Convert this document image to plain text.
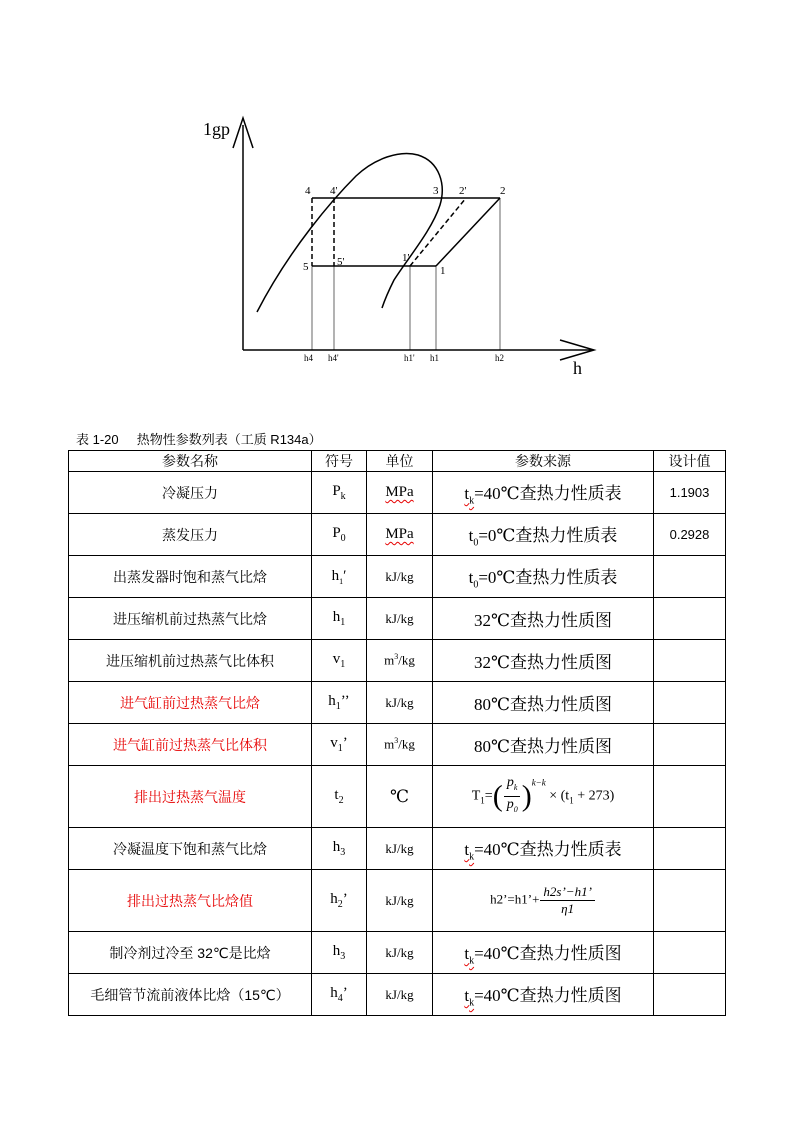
1gp
h
4 4'	3 2'	2
5	5'	1'
1
h4 h4'	h1' h1	h2
表 1-20     热物性参数列表（工质 R134a）
参数名称	符号	单位	参数来源	设计值
冷凝压力	$P_k$	MPa	$t_k=40℃$查热力性质表	1.1903
蒸发压力	$P_0$	MPa	$t_0=0℃$查热力性质表	0.2928
出蒸发器时饱和蒸气比焓	$h_1'$	kJ/kg	$t_0=0℃$查热力性质表	
进压缩机前过热蒸气比焓	$h_1$	kJ/kg	32℃查热力性质图	
进压缩机前过热蒸气比体积	$v_1$	$m^3/kg$	32℃查热力性质图	
进气缸前过热蒸气比焓	$h_1$’’	kJ/kg	80℃查热力性质图	
进气缸前过热蒸气比体积	$v_1$’	$m^3/kg$	80℃查热力性质图	
排出过热蒸气温度	$t_2$	℃	$T_1=( \frac{p_k}{p_0} )^{k-k} \times (t_1 + 273)$	
冷凝温度下饱和蒸气比焓	$h_3$	kJ/kg	$t_k=40℃$查热力性质表	
排出过热蒸气比焓值	$h_2$’	kJ/kg	h2’=h1’+ $\frac{h2s’-h1’}{\eta 1}$

制冷剂过冷至 32℃是比焓	$h_3$	kJ/kg	$t_k=40℃$查热力性质图	
毛细管节流前液体比焓（15℃）	$h_4$’	kJ/kg	$t_k=40℃$查热力性质图	
